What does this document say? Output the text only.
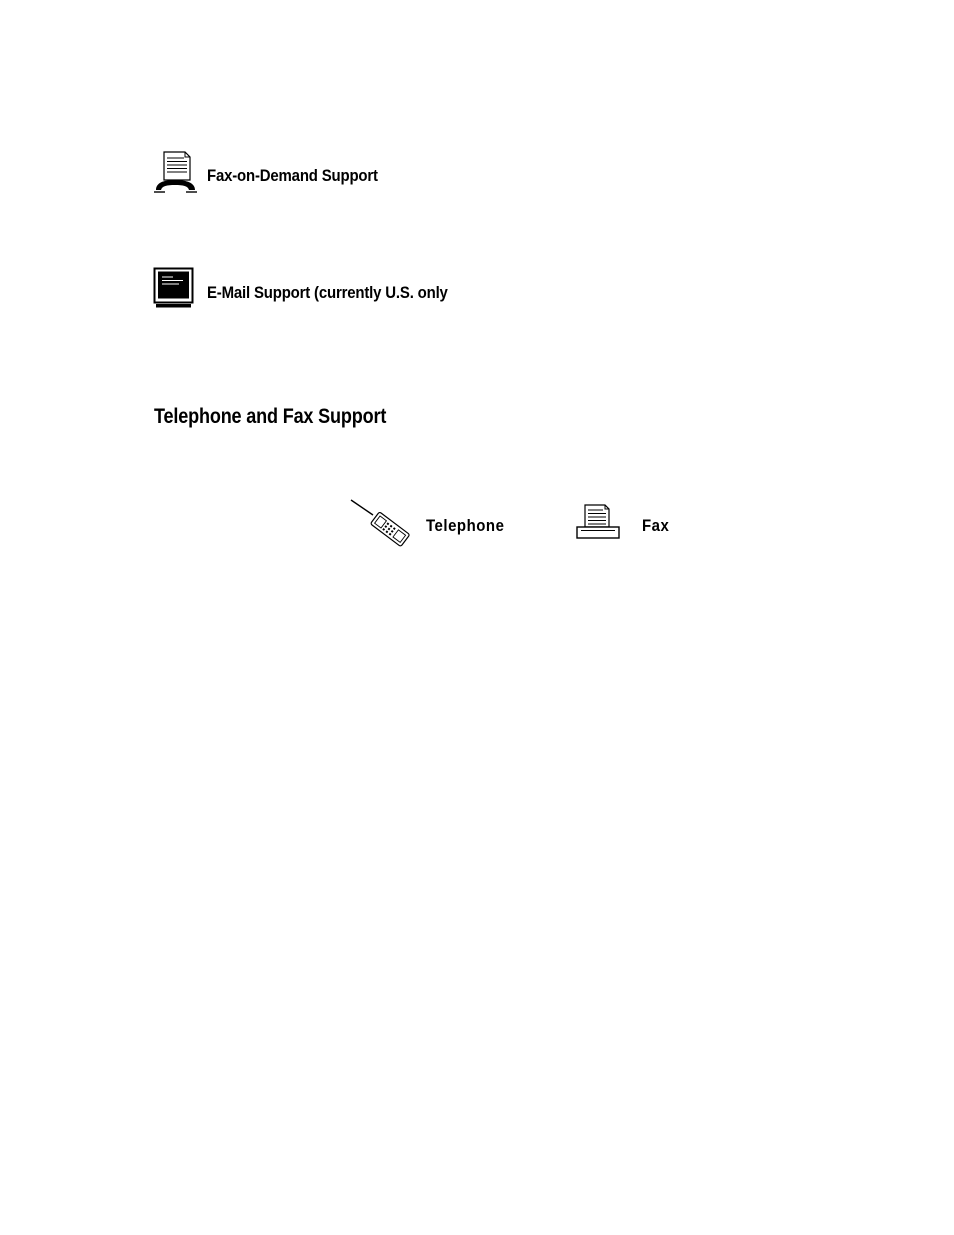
Fax-on-Demand Support
E-Mail Support (currently U.S. only
Telephone and Fax Support
Telephone	Fax
